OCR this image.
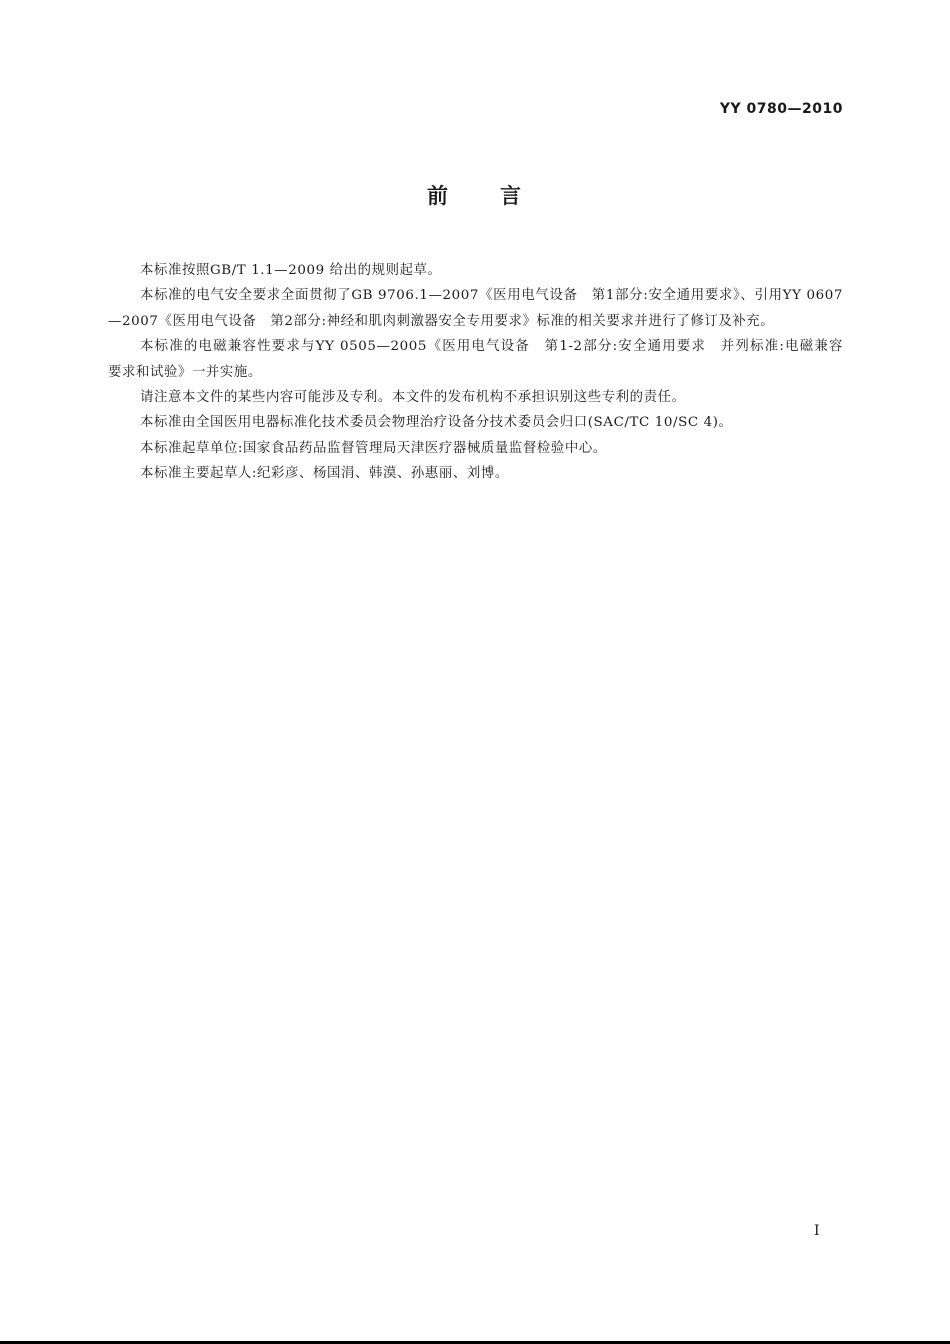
YY 0780—2010
前 言

本标准按照GB/T 1.1—2009 给出的规则起草。

本标准的电气安全要求全面贯彻了GB 9706.1—2007《医用电气设备　第1部分:安全通用要求》、引用YY 0607—2007《医用电气设备　第2部分:神经和肌肉刺激器安全专用要求》标准的相关要求并进行了修订及补充。

本标准的电磁兼容性要求与YY 0505—2005《医用电气设备　第1-2部分:安全通用要求　并列标准:电磁兼容　要求和试验》一并实施。

请注意本文件的某些内容可能涉及专利。本文件的发布机构不承担识别这些专利的责任。

本标准由全国医用电器标准化技术委员会物理治疗设备分技术委员会归口(SAC/TC 10/SC 4)。

本标准起草单位:国家食品药品监督管理局天津医疗器械质量监督检验中心。

本标准主要起草人:纪彩彦、杨国涓、韩漠、孙惠丽、刘博。

I
